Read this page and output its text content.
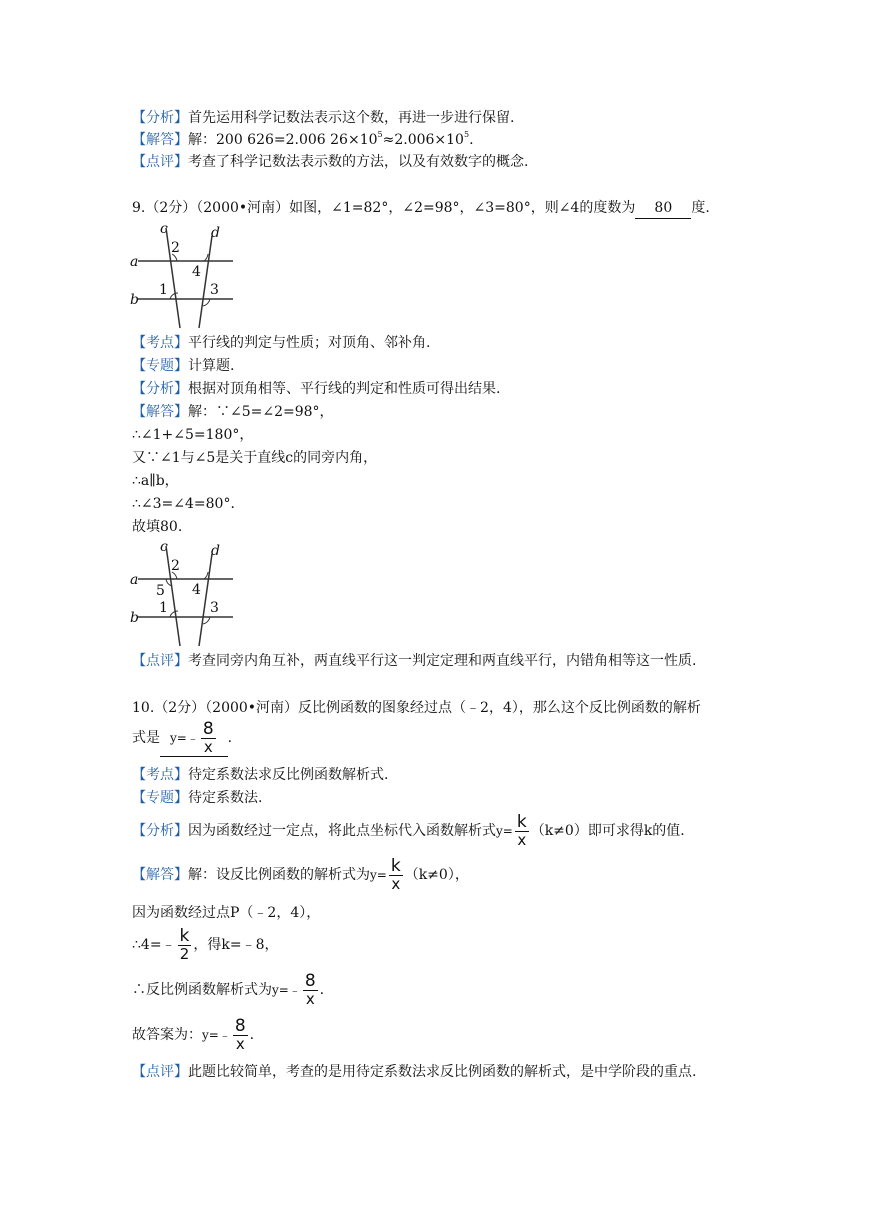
【分析】首先运用科学记数法表示这个数，再进一步进行保留.
【解答】解：200 626=2.006 $26\times 10^5\approx 2.006\times 10^5$.
【点评】考查了科学记数法表示数的方法，以及有效数字的概念.
9.（2分）（2000•河南）如图，∠1=82°，∠2=98°，∠3=80°，则∠4的度数为 80 度.
c	d
a
b
2
4
1	3
【考点】平行线的判定与性质；对顶角、邻补角.
【专题】计算题.
【分析】根据对顶角相等、平行线的判定和性质可得出结果.
【解答】解：∵∠5=∠2=98°，
∴∠1+∠5=180°，
又∵∠1与∠5是关于直线c的同旁内角，
∴a∥b，
∴∠3=∠4=80°．
故填80.
c	d
a
b
2
5 4
1	3
【点评】考查同旁内角互补，两直线平行这一判定定理和两直线平行，内错角相等这一性质.
10.（2分）（2000•河南）反比例函数的图象经过点（﹣2，4），那么这个反比例函数的解析
式是 y=﹣ $\frac{8}{x}$ .
【考点】待定系数法求反比例函数解析式.
【专题】待定系数法.
【分析】因为函数经过一定点，将此点坐标代入函数解析式$y= \frac{k}{x} (k\ne 0)$即可求得k的值.
【解答】解：设反比例函数的解析式为$y= \frac{k}{x} (k\ne 0)$，
因为函数经过点P（﹣2，4），
∴4=﹣ $\frac{k}{2}$ ，得k=﹣8，
∴反比例函数解析式为y=﹣ $\frac{8}{x}$ .
故答案为：y=﹣ $\frac{8}{x}$ .
【点评】此题比较简单，考查的是用待定系数法求反比例函数的解析式，是中学阶段的重点.
